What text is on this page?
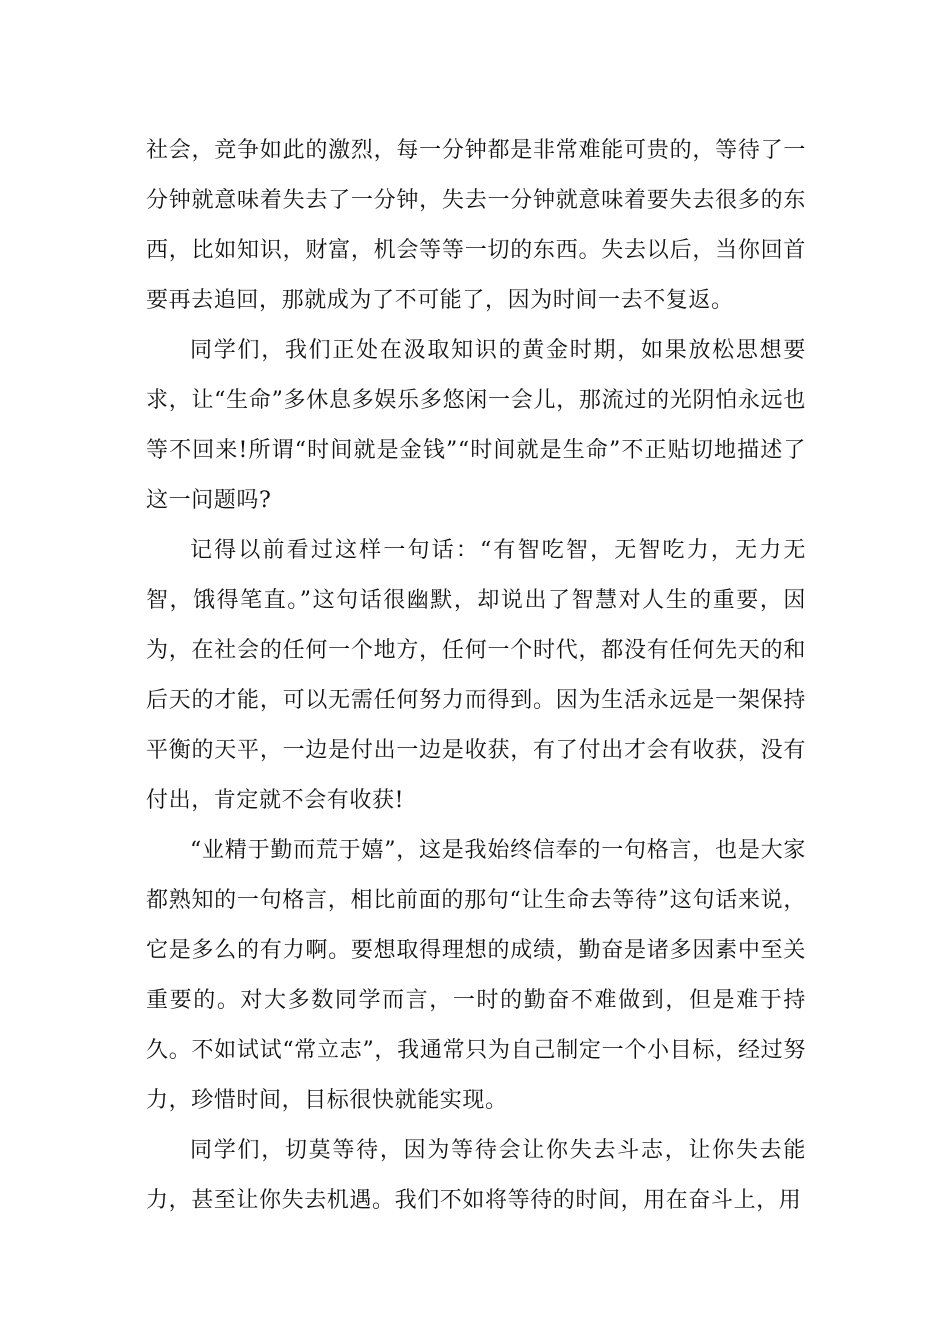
社会，竞争如此的激烈，每一分钟都是非常难能可贵的，等待了一分钟就意味着失去了一分钟，失去一分钟就意味着要失去很多的东西，比如知识，财富，机会等等一切的东西。失去以后，当你回首要再去追回，那就成为了不可能了，因为时间一去不复返。

同学们，我们正处在汲取知识的黄金时期，如果放松思想要求，让“生命”多休息多娱乐多悠闲一会儿，那流过的光阴怕永远也等不回来!所谓“时间就是金钱”“时间就是生命”不正贴切地描述了这一问题吗?

记得以前看过这样一句话：“有智吃智，无智吃力，无力无智，饿得笔直。”这句话很幽默，却说出了智慧对人生的重要，因为，在社会的任何一个地方，任何一个时代，都没有任何先天的和后天的才能，可以无需任何努力而得到。因为生活永远是一架保持平衡的天平，一边是付出一边是收获，有了付出才会有收获，没有付出，肯定就不会有收获!

“业精于勤而荒于嬉”，这是我始终信奉的一句格言，也是大家都熟知的一句格言，相比前面的那句“让生命去等待”这句话来说，它是多么的有力啊。要想取得理想的成绩，勤奋是诸多因素中至关重要的。对大多数同学而言，一时的勤奋不难做到，但是难于持久。不如试试“常立志”，我通常只为自己制定一个小目标，经过努力，珍惜时间，目标很快就能实现。

同学们，切莫等待，因为等待会让你失去斗志，让你失去能力，甚至让你失去机遇。我们不如将等待的时间，用在奋斗上，用
